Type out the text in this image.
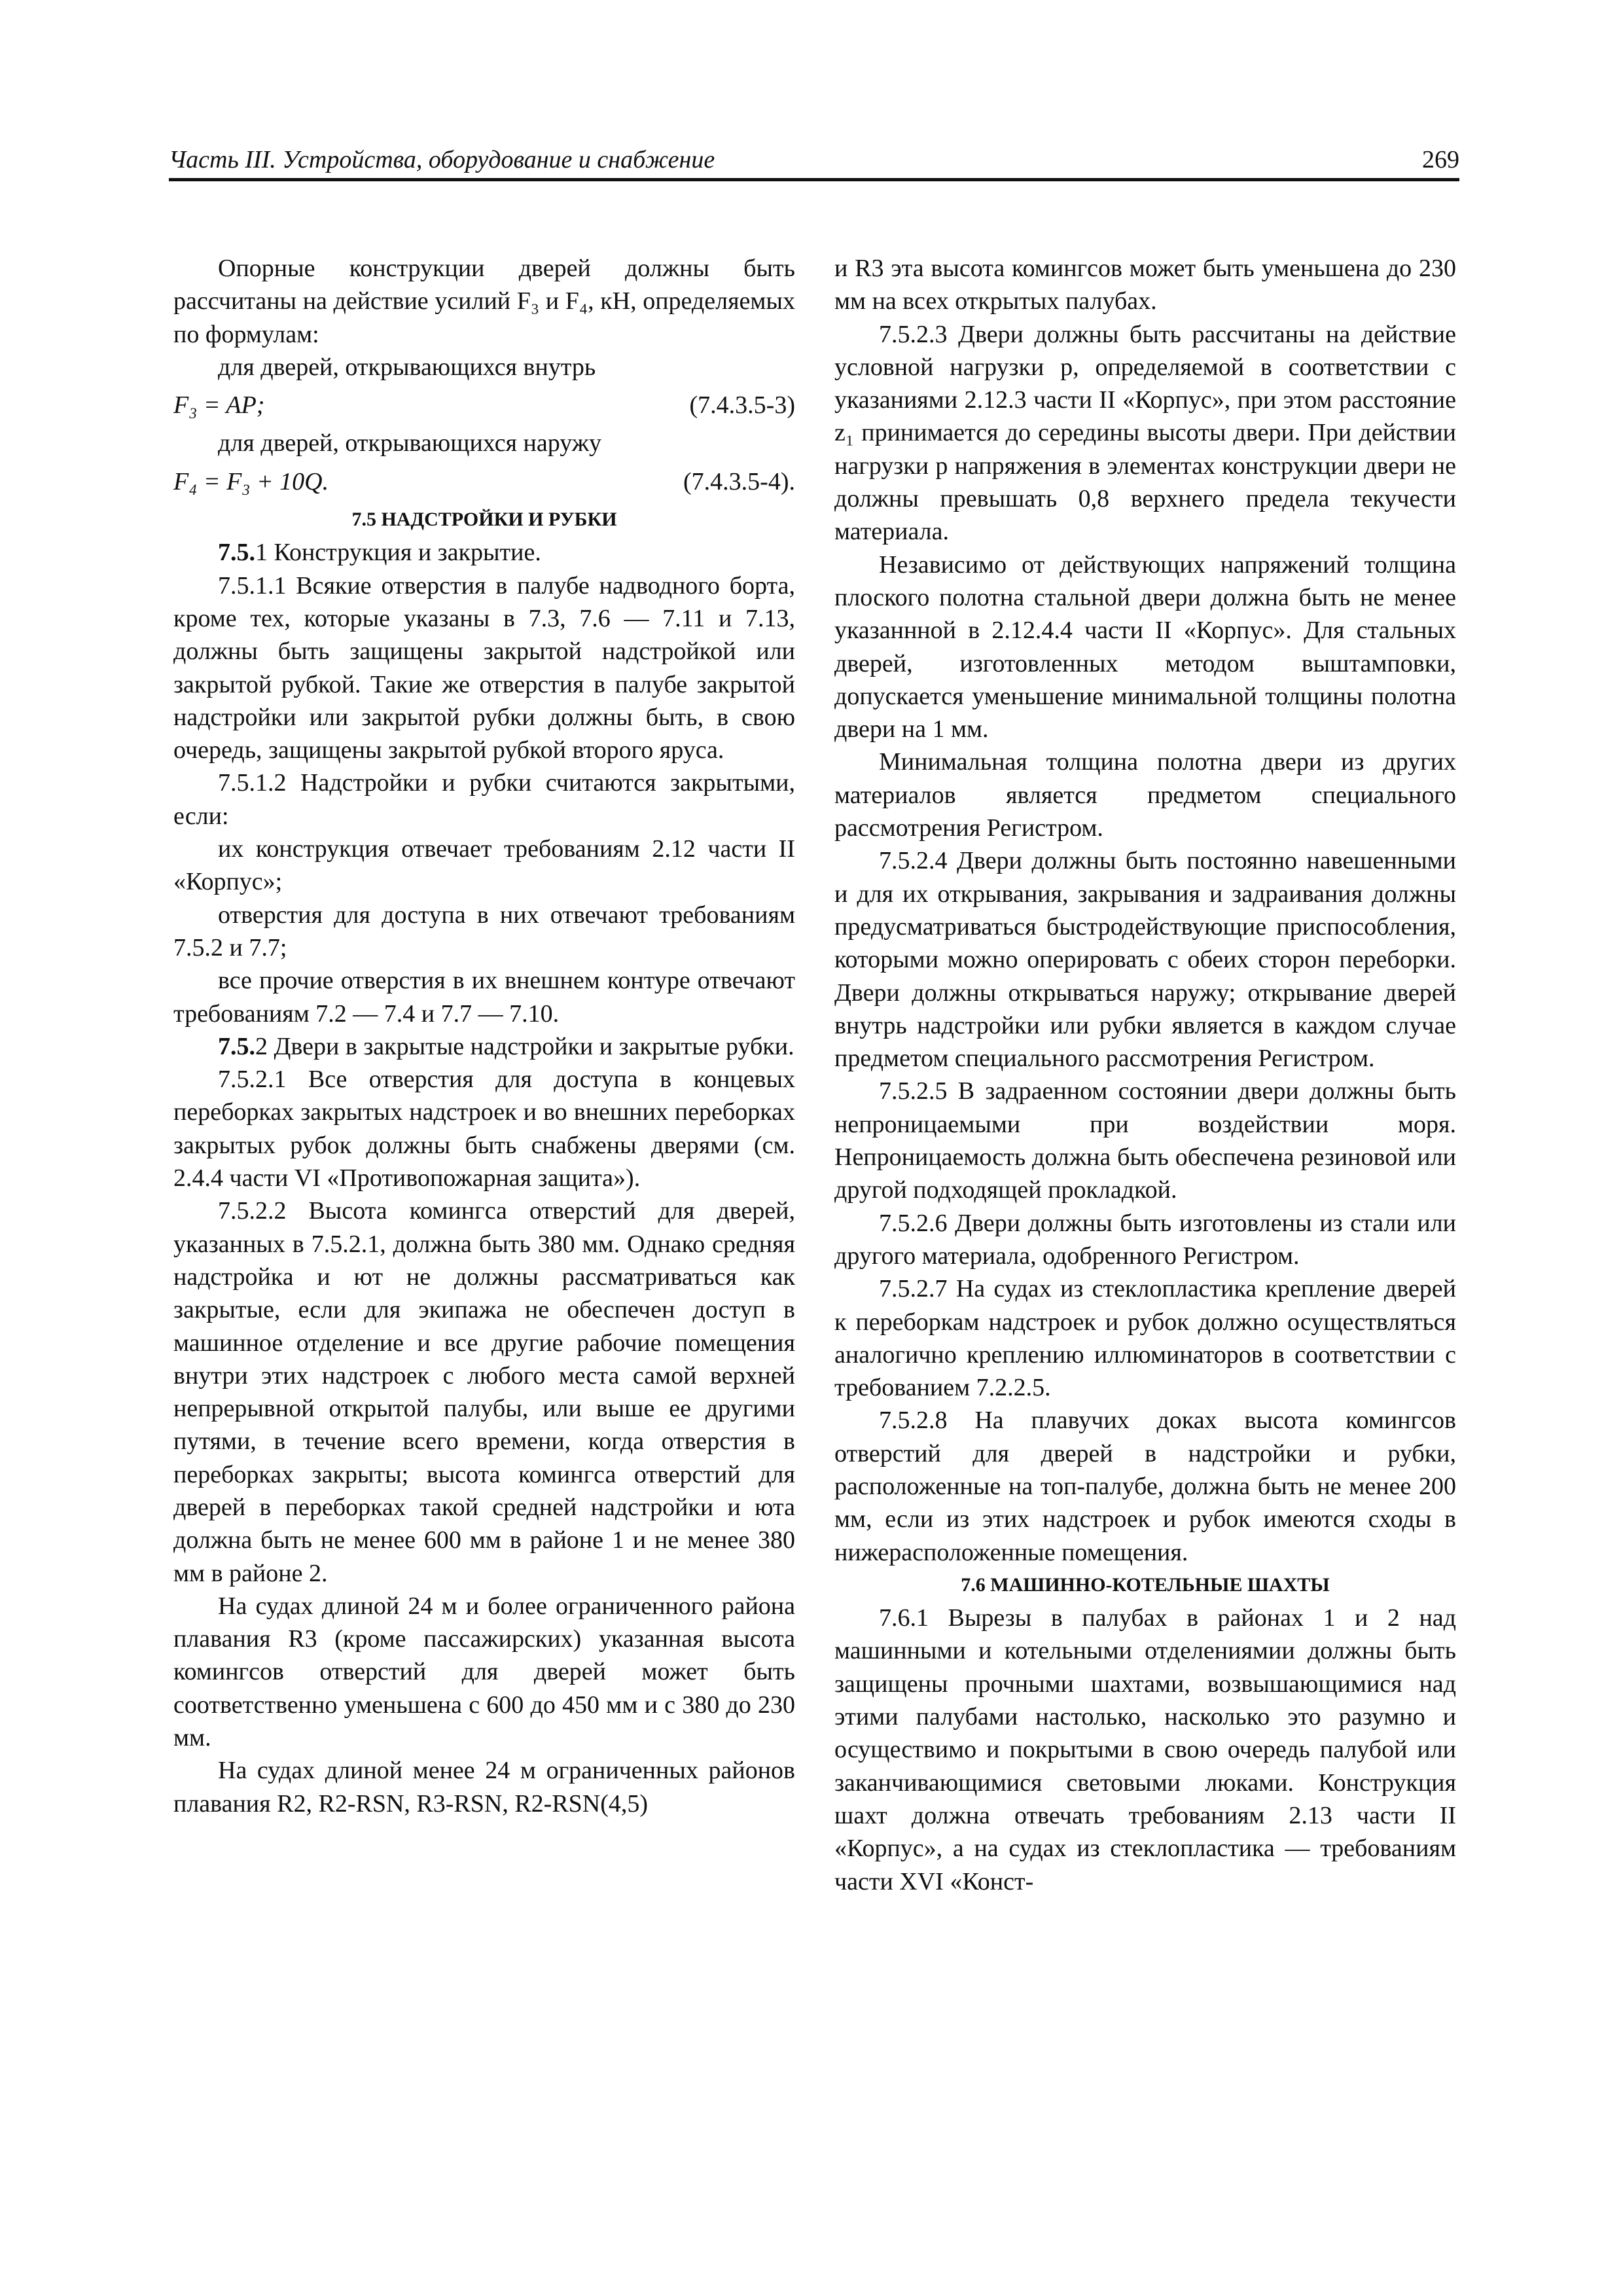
Часть III. Устройства, оборудование и снабжение	269

Опорные конструкции дверей должны быть рассчитаны на действие усилий F₃ и F₄, кН, определяемых по формулам:

для дверей, открывающихся внутрь

F₃ = AP;	(7.4.3.5-3)

для дверей, открывающихся наружу

F₄ = F₃ + 10Q.	(7.4.3.5-4).

7.5 НАДСТРОЙКИ И РУБКИ

7.5.1 Конструкция и закрытие.

7.5.1.1 Всякие отверстия в палубе надводного борта, кроме тех, которые указаны в 7.3, 7.6 — 7.11 и 7.13, должны быть защищены закрытой надстройкой или закрытой рубкой. Такие же отверстия в палубе закрытой надстройки или закрытой рубки должны быть, в свою очередь, защищены закрытой рубкой второго яруса.

7.5.1.2 Надстройки и рубки считаются закрытыми, если:

их конструкция отвечает требованиям 2.12 части II «Корпус»;

отверстия для доступа в них отвечают требованиям 7.5.2 и 7.7;

все прочие отверстия в их внешнем контуре отвечают требованиям 7.2 — 7.4 и 7.7 — 7.10.

7.5.2 Двери в закрытые надстройки и закрытые рубки.

7.5.2.1 Все отверстия для доступа в концевых переборках закрытых надстроек и во внешних переборках закрытых рубок должны быть снабжены дверями (см. 2.4.4 части VI «Противопожарная защита»).

7.5.2.2 Высота комингса отверстий для дверей, указанных в 7.5.2.1, должна быть 380 мм. Однако средняя надстройка и ют не должны рассматриваться как закрытые, если для экипажа не обеспечен доступ в машинное отделение и все другие рабочие помещения внутри этих надстроек с любого места самой верхней непрерывной открытой палубы, или выше ее другими путями, в течение всего времени, когда отверстия в переборках закрыты; высота комингса отверстий для дверей в переборках такой средней надстройки и юта должна быть не менее 600 мм в районе 1 и не менее 380 мм в районе 2.

На судах длиной 24 м и более ограниченного района плавания R3 (кроме пассажирских) указанная высота комингсов отверстий для дверей может быть соответственно уменьшена с 600 до 450 мм и с 380 до 230 мм.

На судах длиной менее 24 м ограниченных районов плавания R2, R2-RSN, R3-RSN, R2-RSN(4,5)

и R3 эта высота комингсов может быть уменьшена до 230 мм на всех открытых палубах.

7.5.2.3 Двери должны быть рассчитаны на действие условной нагрузки p, определяемой в соответствии с указаниями 2.12.3 части II «Корпус», при этом расстояние z₁ принимается до середины высоты двери. При действии нагрузки p напряжения в элементах конструкции двери не должны превышать 0,8 верхнего предела текучести материала.

Независимо от действующих напряжений толщина плоского полотна стальной двери должна быть не менее указаннной в 2.12.4.4 части II «Корпус». Для стальных дверей, изготовленных методом выштамповки, допускается уменьшение минимальной толщины полотна двери на 1 мм.

Минимальная толщина полотна двери из других материалов является предметом специального рассмотрения Регистром.

7.5.2.4 Двери должны быть постоянно навешенными и для их открывания, закрывания и задраивания должны предусматриваться быстродействующие приспособления, которыми можно оперировать с обеих сторон переборки. Двери должны открываться наружу; открывание дверей внутрь надстройки или рубки является в каждом случае предметом специального рассмотрения Регистром.

7.5.2.5 В задраенном состоянии двери должны быть непроницаемыми при воздействии моря. Непроницаемость должна быть обеспечена резиновой или другой подходящей прокладкой.

7.5.2.6 Двери должны быть изготовлены из стали или другого материала, одобренного Регистром.

7.5.2.7 На судах из стеклопластика крепление дверей к переборкам надстроек и рубок должно осуществляться аналогично креплению иллюминаторов в соответствии с требованием 7.2.2.5.

7.5.2.8 На плавучих доках высота комингсов отверстий для дверей в надстройки и рубки, расположенные на топ-палубе, должна быть не менее 200 мм, если из этих надстроек и рубок имеются сходы в нижерасположенные помещения.

7.6 МАШИННО-КОТЕЛЬНЫЕ ШАХТЫ

7.6.1 Вырезы в палубах в районах 1 и 2 над машинными и котельными отделениямии должны быть защищены прочными шахтами, возвышающимися над этими палубами настолько, насколько это разумно и осуществимо и покрытыми в свою очередь палубой или заканчивающимися световыми люками. Конструкция шахт должна отвечать требованиям 2.13 части II «Корпус», а на судах из стеклопластика — требованиям части XVI «Конст-
